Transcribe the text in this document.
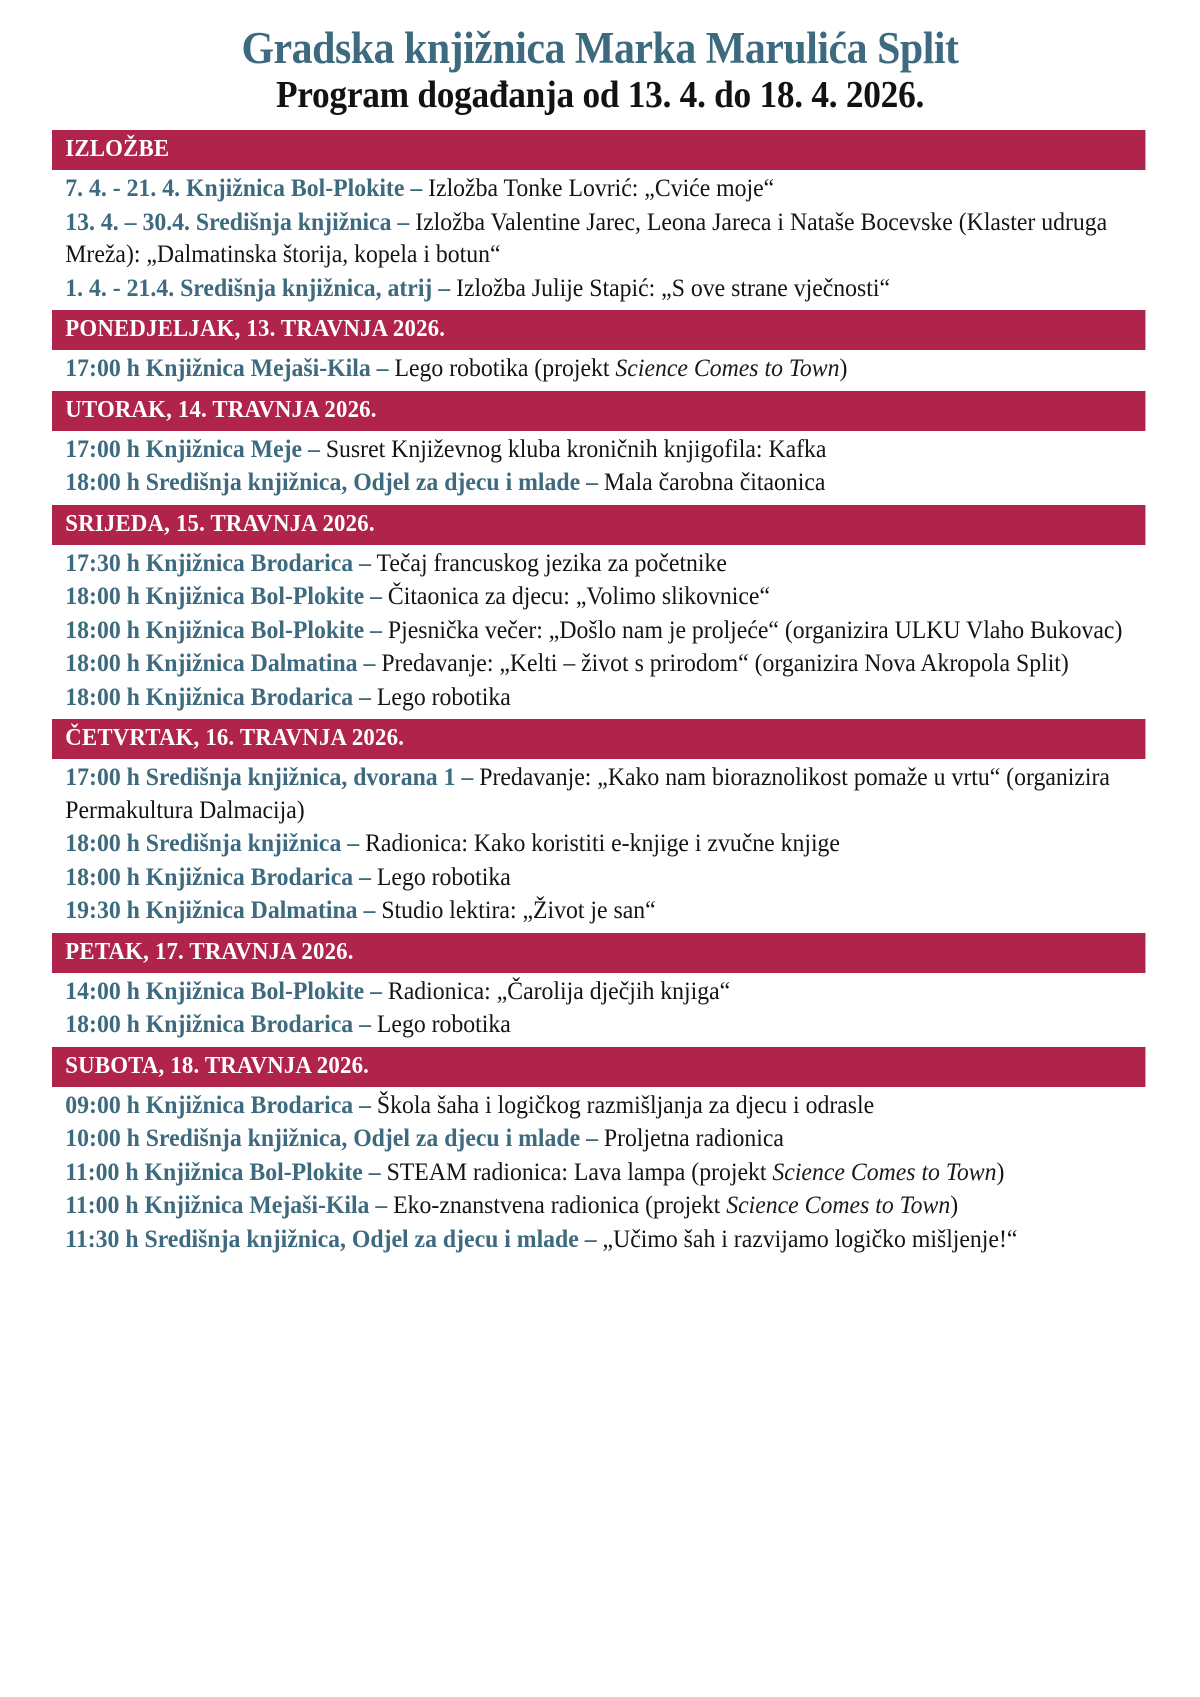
Gradska knjižnica Marka Marulića Split
Program događanja od 13. 4. do 18. 4. 2026.
IZLOŽBE
7. 4. - 21. 4. Knjižnica Bol-Plokite – Izložba Tonke Lovrić: „Cviće moje“
13. 4. – 30.4. Središnja knjižnica – Izložba Valentine Jarec, Leona Jareca i Nataše Bocevske (Klaster udruga Mreža): „Dalmatinska štorija, kopela i botun“
1. 4. - 21.4. Središnja knjižnica, atrij – Izložba Julije Stapić: „S ove strane vječnosti“
PONEDJELJAK, 13. TRAVNJA 2026.
17:00 h Knjižnica Mejaši-Kila – Lego robotika (projekt Science Comes to Town)
UTORAK, 14. TRAVNJA 2026.
17:00 h Knjižnica Meje – Susret Književnog kluba kroničnih knjigofila: Kafka
18:00 h Središnja knjižnica, Odjel za djecu i mlade – Mala čarobna čitaonica
SRIJEDA, 15. TRAVNJA 2026.
17:30 h Knjižnica Brodarica – Tečaj francuskog jezika za početnike
18:00 h Knjižnica Bol-Plokite – Čitaonica za djecu: „Volimo slikovnice“
18:00 h Knjižnica Bol-Plokite – Pjesnička večer: „Došlo nam je proljeće“ (organizira ULKU Vlaho Bukovac)
18:00 h Knjižnica Dalmatina – Predavanje: „Kelti – život s prirodom“ (organizira Nova Akropola Split)
18:00 h Knjižnica Brodarica – Lego robotika
ČETVRTAK, 16. TRAVNJA 2026.
17:00 h Središnja knjižnica, dvorana 1 – Predavanje: „Kako nam bioraznolikost pomaže u vrtu“ (organizira Permakultura Dalmacija)
18:00 h Središnja knjižnica – Radionica: Kako koristiti e-knjige i zvučne knjige
18:00 h Knjižnica Brodarica – Lego robotika
19:30 h Knjižnica Dalmatina – Studio lektira: „Život je san“
PETAK, 17. TRAVNJA 2026.
14:00 h Knjižnica Bol-Plokite – Radionica: „Čarolija dječjih knjiga“
18:00 h Knjižnica Brodarica – Lego robotika
SUBOTA, 18. TRAVNJA 2026.
09:00 h Knjižnica Brodarica – Škola šaha i logičkog razmišljanja za djecu i odrasle
10:00 h Središnja knjižnica, Odjel za djecu i mlade – Proljetna radionica
11:00 h Knjižnica Bol-Plokite – STEAM radionica: Lava lampa (projekt Science Comes to Town)
11:00 h Knjižnica Mejaši-Kila – Eko-znanstvena radionica (projekt Science Comes to Town)
11:30 h Središnja knjižnica, Odjel za djecu i mlade – „Učimo šah i razvijamo logičko mišljenje!“
